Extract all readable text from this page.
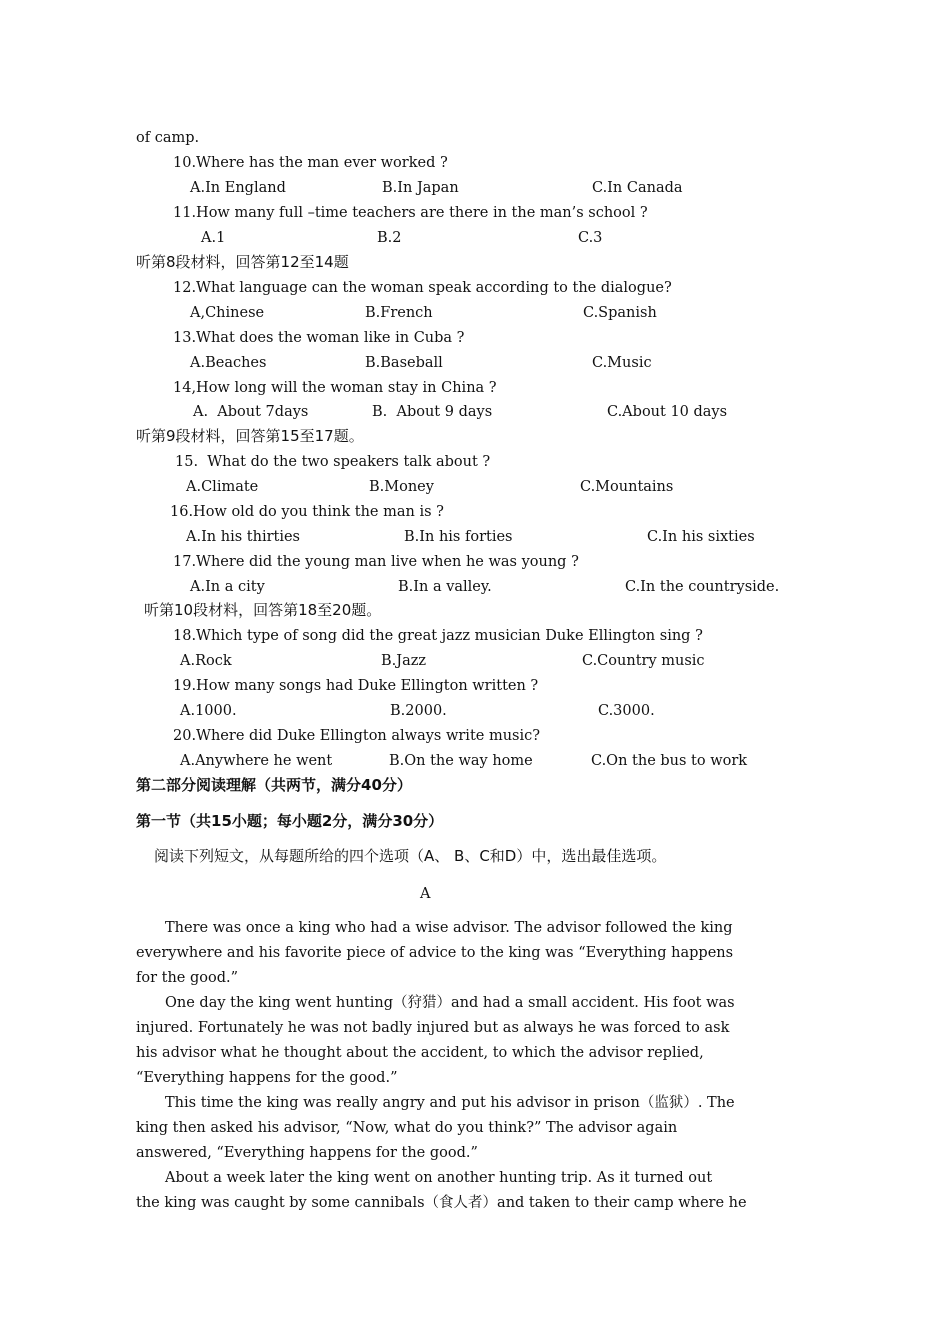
of camp.
10.Where has the man ever worked ?
A.In England	B.In Japan	C.In Canada
11.How many full –time teachers are there in the man’s school ?
A.1	B.2	C.3
听第8段材料，回答第12至14题
12.What language can the woman speak according to the dialogue?
A,Chinese	B.French	C.Spanish
13.What does the woman like in Cuba ?
A.Beaches	B.Baseball	C.Music
14,How long will the woman stay in China ?
A.  About 7days	B.  About 9 days	C.About 10 days
听第9段材料，回答第15至17题。
15.  What do the two speakers talk about ?
A.Climate	B.Money	C.Mountains
16.How old do you think the man is ?
A.In his thirties	B.In his forties	C.In his sixties
17.Where did the young man live when he was young ?
A.In a city	B.In a valley.	C.In the countryside.
听第10段材料，回答第18至20题。
18.Which type of song did the great jazz musician Duke Ellington sing ?
A.Rock	B.Jazz	C.Country music
19.How many songs had Duke Ellington written ?
A.1000.	B.2000.	C.3000.
20.Where did Duke Ellington always write music?
A.Anywhere he went	B.On the way home	C.On the bus to work
第二部分阅读理解（共两节，满分40分）
第一节（共15小题；每小题2分，满分30分）
阅读下列短文，从每题所给的四个选项（A、 B、C和D）中，选出最佳选项。
A
There was once a king who had a wise advisor. The advisor followed the king
everywhere and his favorite piece of advice to the king was “Everything happens
for the good.”
One day the king went hunting（狩猎）and had a small accident. His foot was
injured. Fortunately he was not badly injured but as always he was forced to ask
his advisor what he thought about the accident, to which the advisor replied,
“Everything happens for the good.”
This time the king was really angry and put his advisor in prison（监狱）. The
king then asked his advisor, “Now, what do you think?” The advisor again
answered, “Everything happens for the good.”
About a week later the king went on another hunting trip. As it turned out
the king was caught by some cannibals（食人者）and taken to their camp where he
